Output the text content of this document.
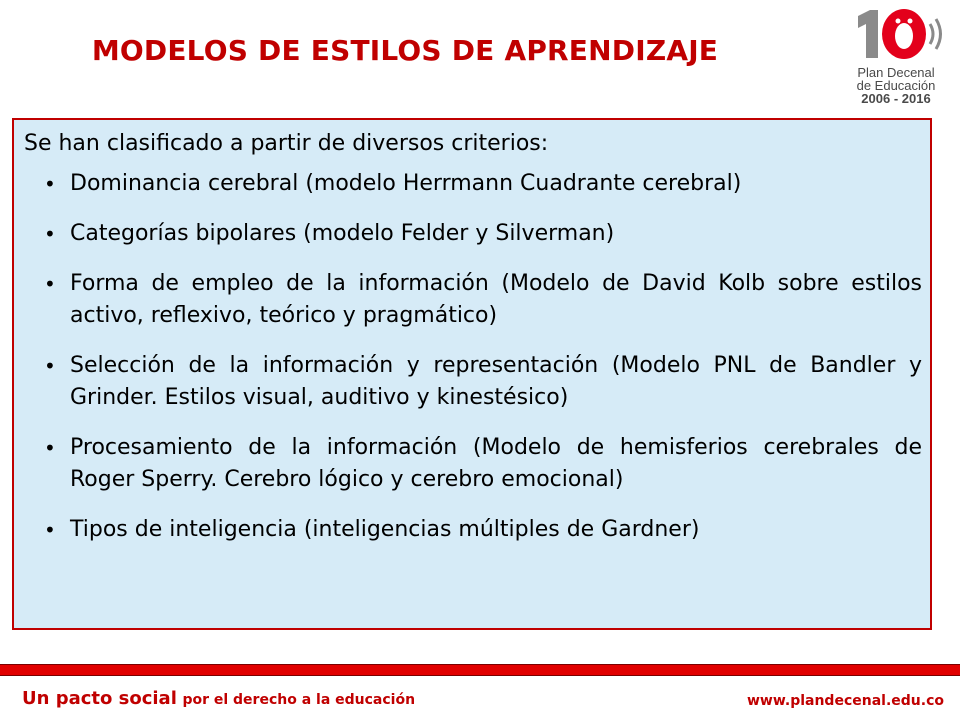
MODELOS DE ESTILOS DE APRENDIZAJE
Plan Decenal
de Educación
2006 - 2016

Se han clasificado a partir de diversos criterios:

• Dominancia cerebral (modelo Herrmann Cuadrante cerebral)
• Categorías bipolares (modelo Felder y Silverman)
• Forma de empleo de la información (Modelo de David Kolb sobre estilos activo, reflexivo, teórico y pragmático)
• Selección de la información y representación (Modelo PNL de Bandler y Grinder. Estilos visual, auditivo y kinestésico)
• Procesamiento de la información (Modelo de hemisferios cerebrales de Roger Sperry. Cerebro lógico y cerebro emocional)
• Tipos de inteligencia (inteligencias múltiples de Gardner)
Un pacto social por el derecho a la educación	www.plandecenal.edu.co
